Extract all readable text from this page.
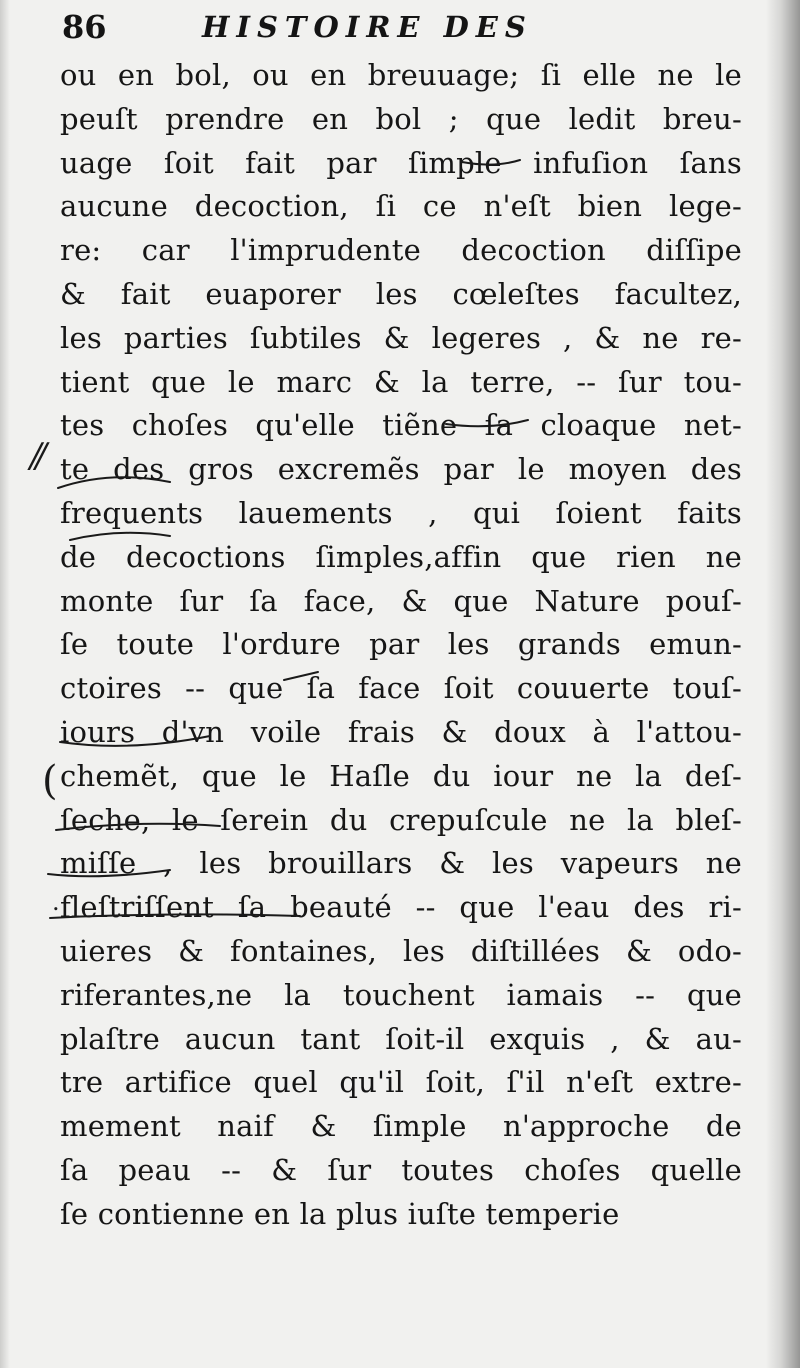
86	HISTOIRE DES
ou en bol, ou en breuuage; ſi elle ne le
peuſt prendre en bol ; que ledit breu-
uage ſoit fait par ſimple infuſion ſans
aucune decoction, ſi ce n'eſt bien lege-
re: car l'imprudente decoction diſſipe
& fait euaporer les cœleſtes facultez,
les parties ſubtiles & legeres , & ne re-
tient que le marc & la terre, -- ſur tou-
tes choſes qu'elle tiẽne ſa cloaque net-
te des gros excremẽs par le moyen des
frequents lauements , qui ſoient faits
de decoctions ſimples,affin que rien ne
monte ſur ſa face, & que Nature pouſ-
ſe toute l'ordure par les grands emun-
ctoires -- que ſa face ſoit couuerte touſ-
iours d'vn voile frais & doux à l'attou-
chemẽt, que le Haſle du iour ne la deſ-
ſeche, le ſerein du crepuſcule ne la bleſ-
miſſe , les brouillars & les vapeurs ne
fleſtriſſent ſa beauté -- que l'eau des ri-
uieres & fontaines, les diſtillées & odo-
riferantes,ne la touchent iamais -- que
plaſtre aucun tant ſoit-il exquis , & au-
tre artifice quel qu'il ſoit, ſ'il n'eſt extre-
mement naif & ſimple n'approche de
ſa peau -- & ſur toutes choſes quelle
ſe contienne en la plus iuſte temperie
//
(
.
